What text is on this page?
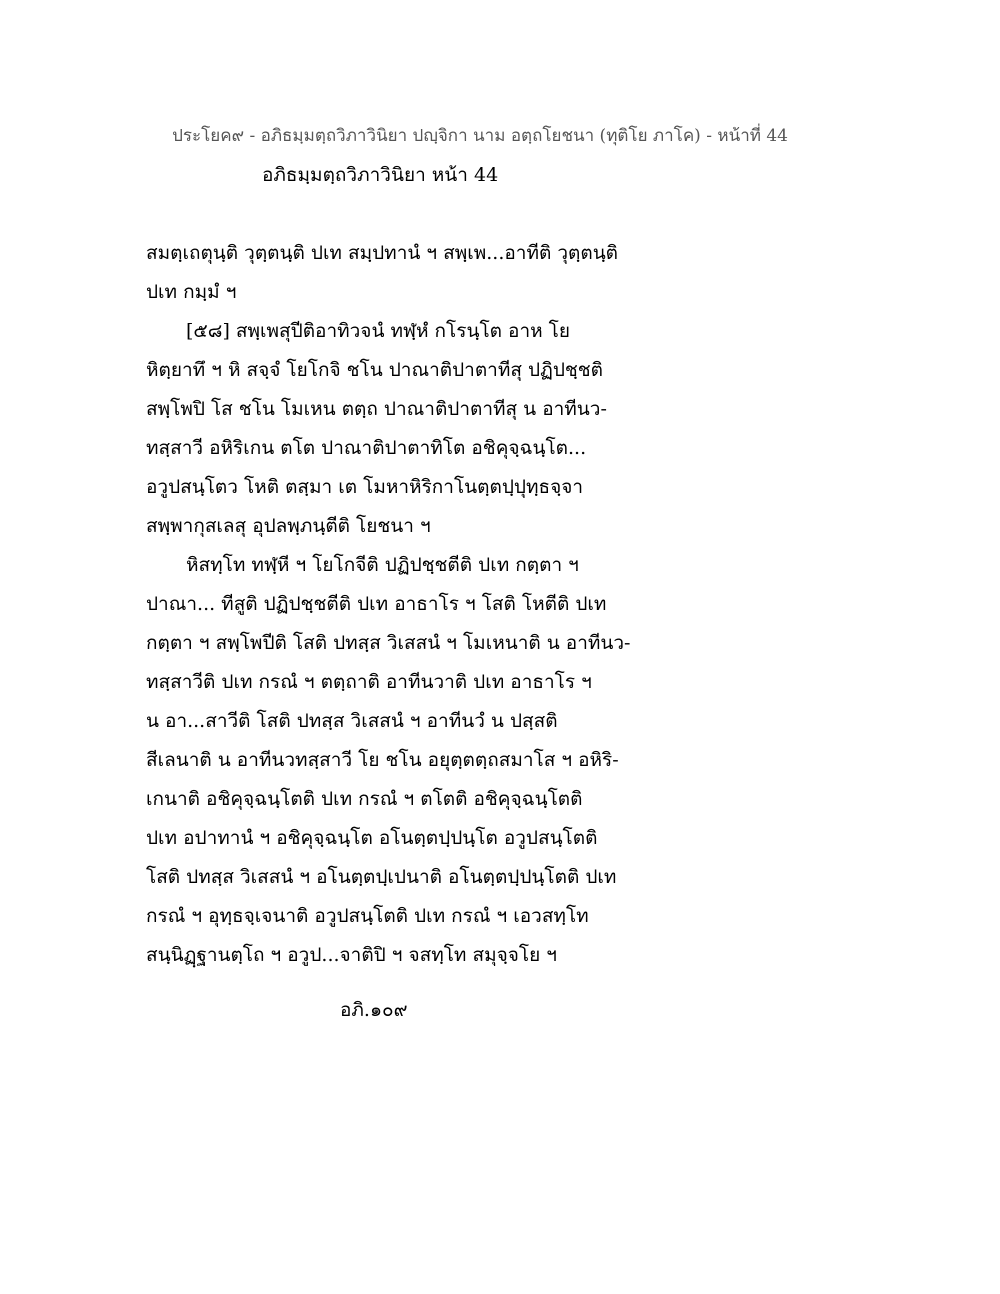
ประโยค๙ - อภิธมฺมตฺถวิภาวินิยา ปญฺจิกา นาม อตฺถโยชนา (ทุติโย ภาโค) - หน้าที่ 44
อภิธมฺมตฺถวิภาวินิยา หน้า 44
สมตฺเถตุนฺติ วุตฺตนฺติ ปเท สมฺปทานํ ฯ สพฺเพ...อาทีติ วุตฺตนฺติ
ปเท กมฺมํ ฯ
[๕๘] สพฺเพสุปีติอาทิวจนํ ทฬฺหํ กโรนฺโต อาห โย
หิตฺยาทึ ฯ หิ สจฺจํ โยโกจิ ชโน ปาณาติปาตาทีสุ ปฏิปชฺชติ
สพฺโพปิ โส ชโน โมเหน ตตฺถ ปาณาติปาตาทีสุ น อาทีนว-
ทสฺสาวี อหิริเกน ตโต ปาณาติปาตาทิโต อชิคุจฺฉนฺโต...
อวูปสนฺโตว โหติ ตสฺมา เต โมหาหิริกาโนตฺตปฺปุทฺธจฺจา
สพฺพากุสเลสุ อุปลพฺภนฺตีติ โยชนา ฯ
หิสทฺโท ทฬฺหี ฯ โยโกจีติ ปฏิปชฺชตีติ ปเท กตฺตา ฯ
ปาณา... ทีสูติ ปฏิปชฺชตีติ ปเท อาธาโร ฯ โสติ โหตีติ ปเท
กตฺตา ฯ สพฺโพปีติ โสติ ปทสฺส วิเสสนํ ฯ โมเหนาติ น อาทีนว-
ทสฺสาวีติ ปเท กรณํ ฯ ตตฺถาติ อาทีนวาติ ปเท อาธาโร ฯ
น อา...สาวีติ โสติ ปทสฺส วิเสสนํ ฯ อาทีนวํ น ปสฺสติ
สีเลนาติ น อาทีนวทสฺสาวี โย ชโน อยุตฺตตฺถสมาโส ฯ อหิริ-
เกนาติ อชิคุจฺฉนฺโตติ ปเท กรณํ ฯ ตโตติ อชิคุจฺฉนฺโตติ
ปเท อปาทานํ ฯ อชิคุจฺฉนฺโต อโนตฺตปฺปนฺโต อวูปสนฺโตติ
โสติ ปทสฺส วิเสสนํ ฯ อโนตฺตปฺเปนาติ อโนตฺตปฺปนฺโตติ ปเท
กรณํ ฯ อุทฺธจฺเจนาติ อวูปสนฺโตติ ปเท กรณํ ฯ เอวสทฺโท
สนฺนิฏฺฐานตฺโถ ฯ อวูป...จาติปิ ฯ จสทฺโท สมุจฺจโย ฯ
อภิ.๑๐๙
